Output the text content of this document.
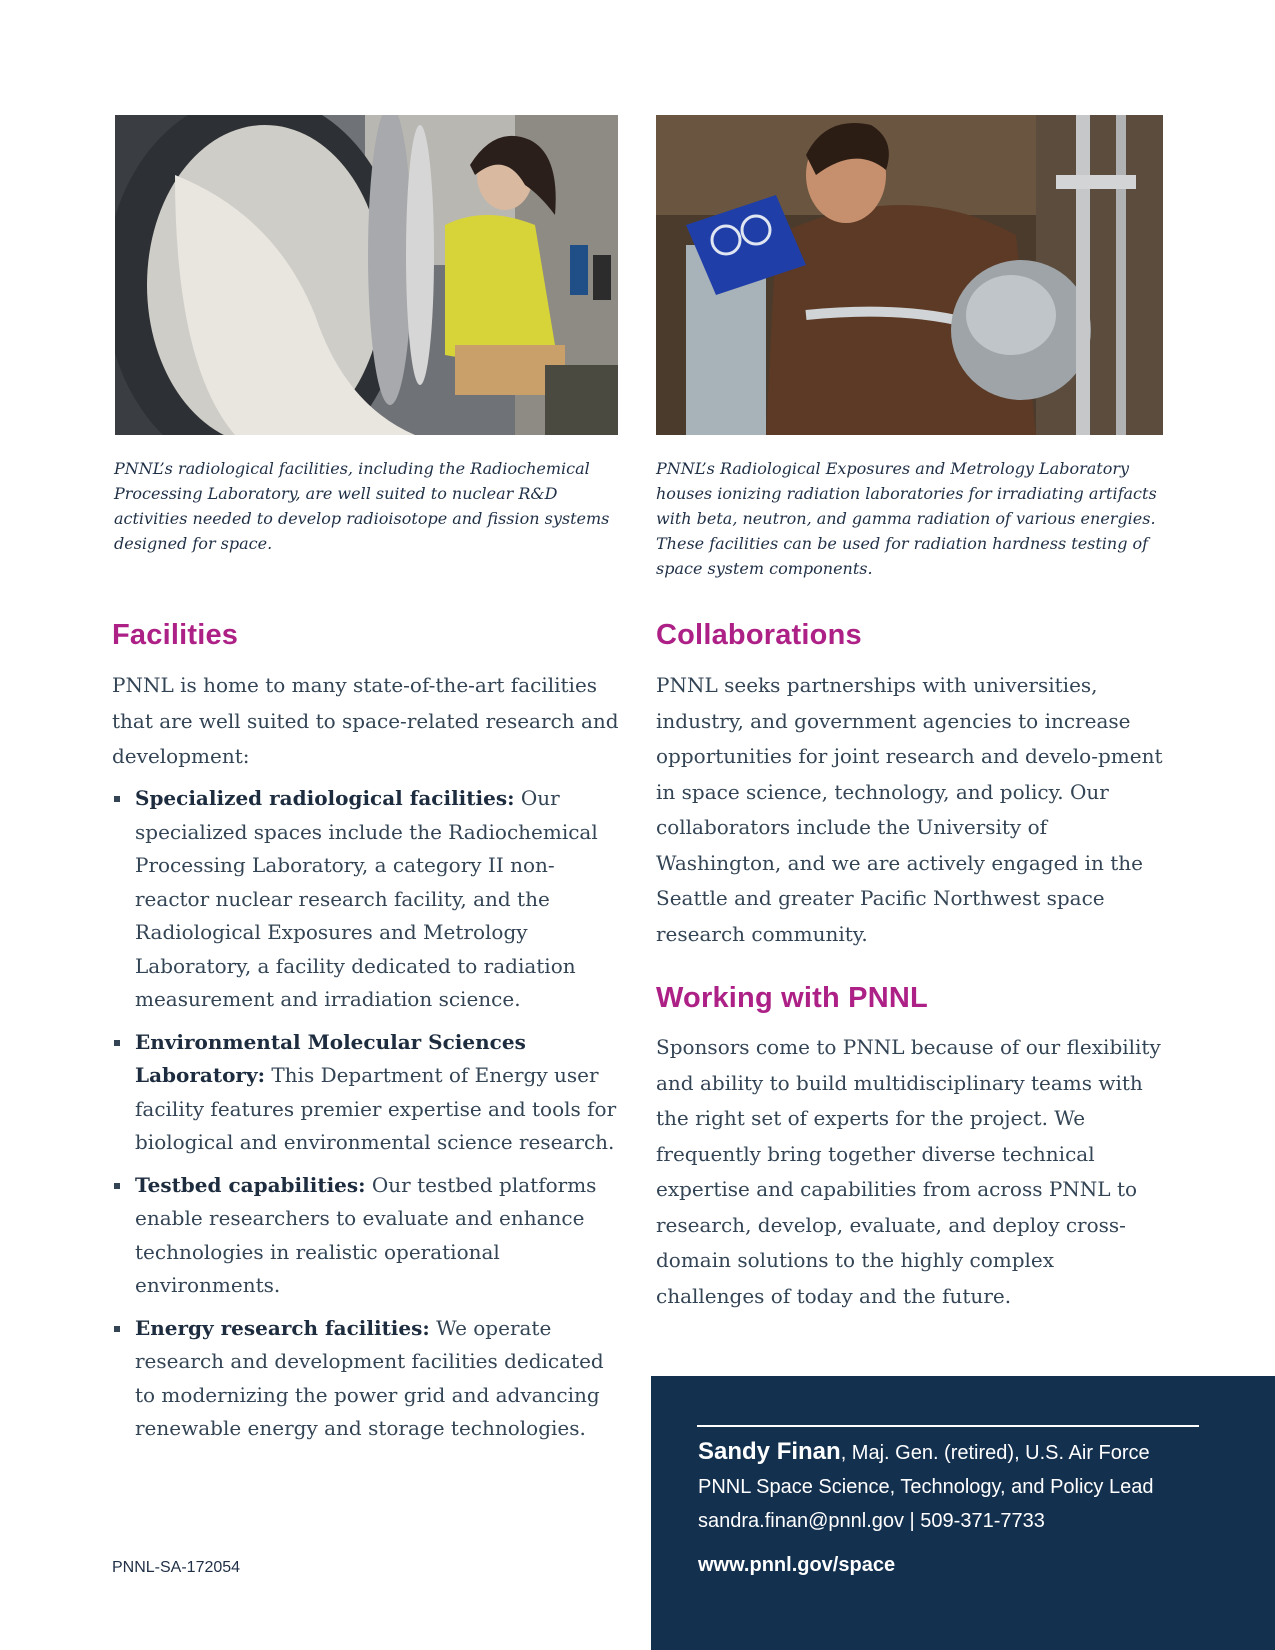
PNNL’s radiological facilities, including the Radiochemical Processing Laboratory, are well suited to nuclear R&D activities needed to develop radioisotope and fission systems designed for space.

PNNL’s Radiological Exposures and Metrology Laboratory houses ionizing radiation laboratories for irradiating artifacts with beta, neutron, and gamma radiation of various energies. These facilities can be used for radiation hardness testing of space system components.

Facilities

PNNL is home to many state-of-the-art facilities that are well suited to space-related research and development:

Specialized radiological facilities: Our specialized spaces include the Radiochemical Processing Laboratory, a category II non-reactor nuclear research facility, and the Radiological Exposures and Metrology Laboratory, a facility dedicated to radiation measurement and irradiation science.
Environmental Molecular Sciences Laboratory: This Department of Energy user facility features premier expertise and tools for biological and environmental science research.
Testbed capabilities: Our testbed platforms enable researchers to evaluate and enhance technologies in realistic operational environments.
Energy research facilities: We operate research and development facilities dedicated to modernizing the power grid and advancing renewable energy and storage technologies.
Collaborations

PNNL seeks partnerships with universities, industry, and government agencies to increase opportunities for joint research and develo-pment in space science, technology, and policy. Our collaborators include the University of Washington, and we are actively engaged in the Seattle and greater Pacific Northwest space research community.

Working with PNNL

Sponsors come to PNNL because of our flexibility and ability to build multidisciplinary teams with the right set of experts for the project. We frequently bring together diverse technical expertise and capabilities from across PNNL to research, develop, evaluate, and deploy cross-domain solutions to the highly complex challenges of today and the future.

PNNL-SA-172054

Sandy Finan, Maj. Gen. (retired), U.S. Air Force

PNNL Space Science, Technology, and Policy Lead

sandra.finan@pnnl.gov | 509-371-7733

www.pnnl.gov/space
